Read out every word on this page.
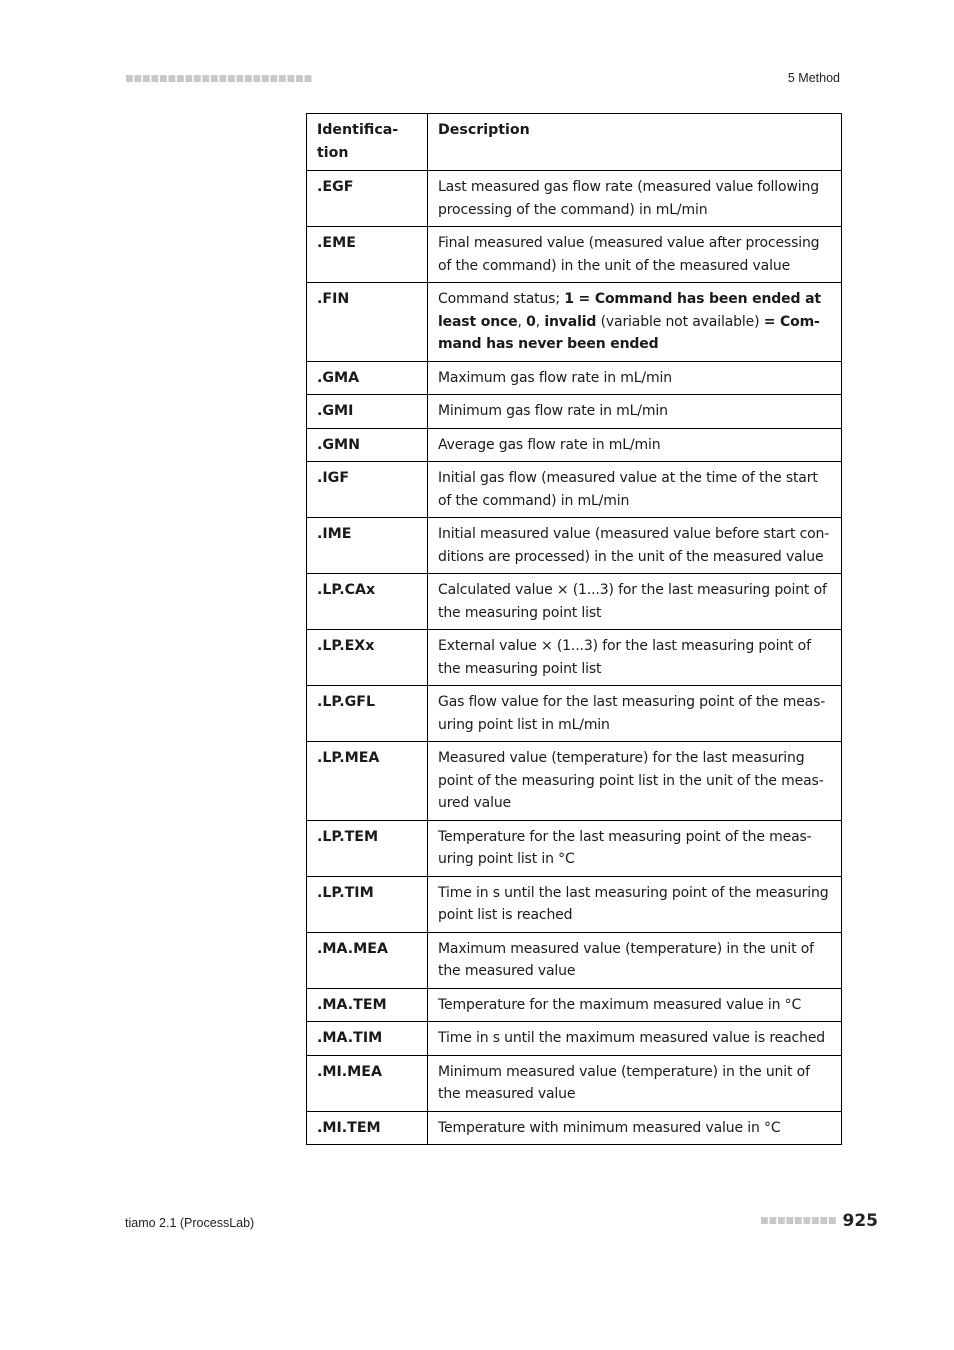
■■■■■■■■■■■■■■■■■■■■■■	5 Method
Identifica-
tion	Description
.EGF	Last measured gas flow rate (measured value following processing of the command) in mL/min
.EME	Final measured value (measured value after processing of the command) in the unit of the measured value
.FIN	Command status; 1 = Command has been ended at least once, 0, invalid (variable not available) = Command has never been ended
.GMA	Maximum gas flow rate in mL/min
.GMI	Minimum gas flow rate in mL/min
.GMN	Average gas flow rate in mL/min
.IGF	Initial gas flow (measured value at the time of the start of the command) in mL/min
.IME	Initial measured value (measured value before start conditions are processed) in the unit of the measured value
.LP.CAx	Calculated value × (1...3) for the last measuring point of the measuring point list
.LP.EXx	External value × (1...3) for the last measuring point of the measuring point list
.LP.GFL	Gas flow value for the last measuring point of the measuring point list in mL/min
.LP.MEA	Measured value (temperature) for the last measuring point of the measuring point list in the unit of the measured value
.LP.TEM	Temperature for the last measuring point of the measuring point list in °C
.LP.TIM	Time in s until the last measuring point of the measuring point list is reached
.MA.MEA	Maximum measured value (temperature) in the unit of the measured value
.MA.TEM	Temperature for the maximum measured value in °C
.MA.TIM	Time in s until the maximum measured value is reached
.MI.MEA	Minimum measured value (temperature) in the unit of the measured value
.MI.TEM	Temperature with minimum measured value in °C
tiamo 2.1 (ProcessLab)	■■■■■■■■■ 925
